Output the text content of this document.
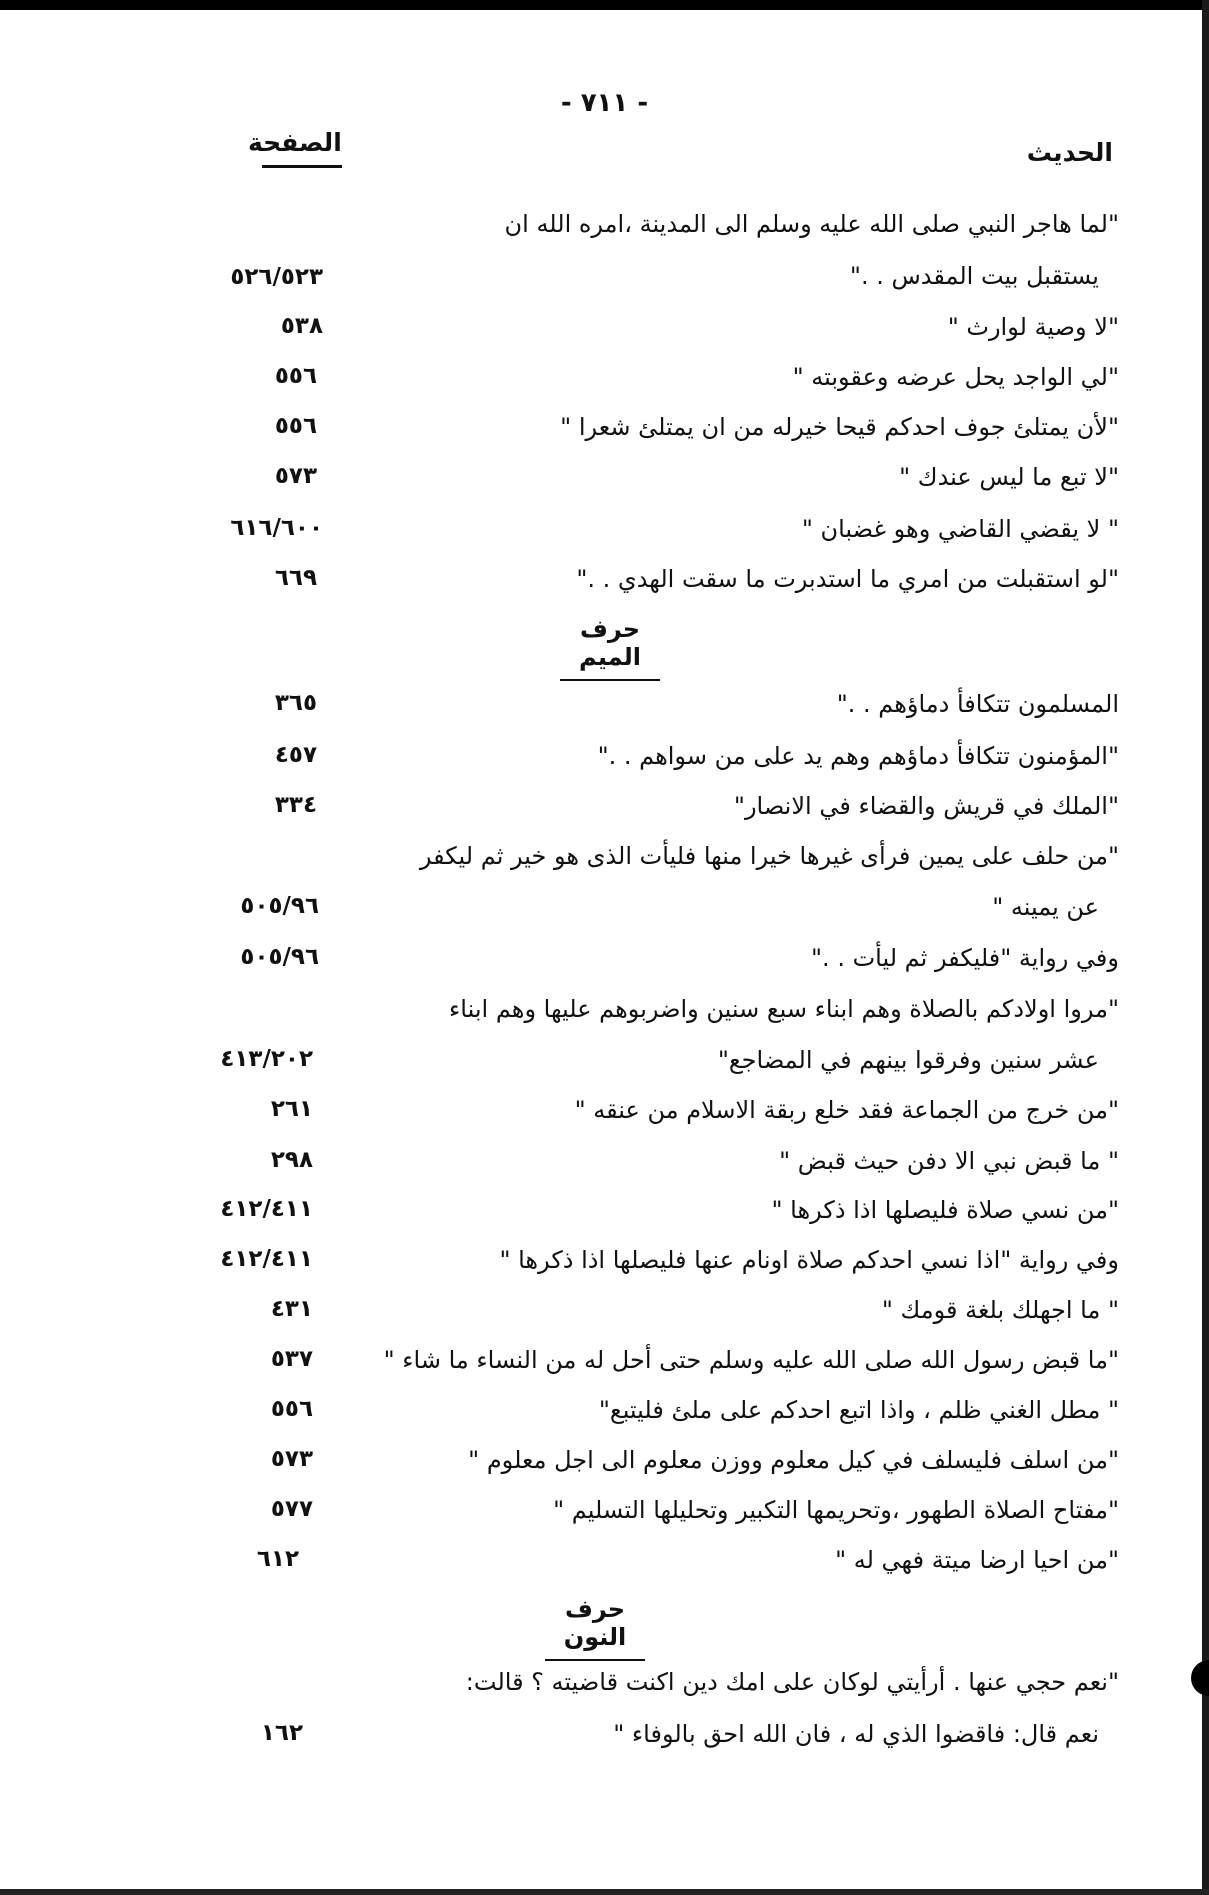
- ٧١١ -
الحديث
الصفحة
"لما هاجر النبي صلى الله عليه وسلم الى المدينة ،امره الله ان
يستقبل بيت المقدس . ."
٥٢٦/٥٢٣
"لا وصية لوارث "
٥٣٨
"لي الواجد يحل عرضه وعقوبته "
٥٥٦
"لأن يمتلئ جوف احدكم قيحا خيرله من ان يمتلئ شعرا "
٥٥٦
"لا تبع ما ليس عندك "
٥٧٣
" لا يقضي القاضي وهو غضبان "
٦١٦/٦٠٠
"لو استقبلت من امري ما استدبرت ما سقت الهدي . ."
٦٦٩
حرف الميم
المسلمون تتكافأ دماؤهم . ."
٣٦٥
"المؤمنون تتكافأ دماؤهم وهم يد على من سواهم . ."
٤٥٧
"الملك في قريش والقضاء في الانصار"
٣٣٤
"من حلف على يمين فرأى غيرها خيرا منها فليأت الذى هو خير ثم ليكفر
عن يمينه "
٥٠٥/٩٦
وفي رواية "فليكفر ثم ليأت . ."
٥٠٥/٩٦
"مروا اولادكم بالصلاة وهم ابناء سبع سنين واضربوهم عليها وهم ابناء
عشر سنين وفرقوا بينهم في المضاجع"
٤١٣/٢٠٢
"من خرج من الجماعة فقد خلع ربقة الاسلام من عنقه "
٢٦١
" ما قبض نبي الا دفن حيث قبض "
٢٩٨
"من نسي صلاة فليصلها اذا ذكرها "
٤١٢/٤١١
وفي رواية "اذا نسي احدكم صلاة اونام عنها فليصلها اذا ذكرها "
٤١٢/٤١١
" ما اجهلك بلغة قومك "
٤٣١
"ما قبض رسول الله صلى الله عليه وسلم حتى أحل له من النساء ما شاء "
٥٣٧
" مطل الغني ظلم ، واذا اتبع احدكم على ملئ فليتبع"
٥٥٦
"من اسلف فليسلف في كيل معلوم ووزن معلوم الى اجل معلوم "
٥٧٣
"مفتاح الصلاة الطهور ،وتحريمها التكبير وتحليلها التسليم "
٥٧٧
"من احيا ارضا ميتة فهي له "
٦١٢
حرف النون
"نعم حجي عنها . أرأيتي لوكان على امك دين اكنت قاضيته ؟ قالت:
نعم قال: فاقضوا الذي له ، فان الله احق بالوفاء "
١٦٢
